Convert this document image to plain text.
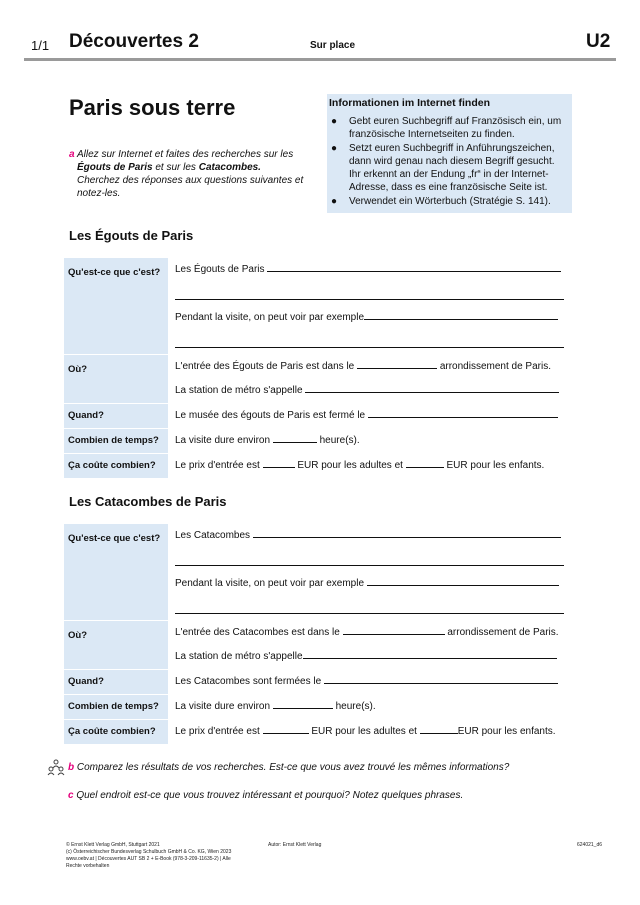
1/1 Découvertes 2	Sur place	U2
Paris sous terre	Informationen im Internet finden
● Gebt euren Suchbegriff auf Französisch ein, um französische Internetseiten zu finden.
● Setzt euren Suchbegriff in Anführungszeichen, dann wird genau nach diesem Begriff gesucht. Ihr erkennt an der Endung „fr“ in der Internet-Adresse, dass es eine französische Seite ist.
● Verwendet ein Wörterbuch (Stratégie S. 141).
a Allez sur Internet et faites des recherches sur les
Égouts de Paris et sur les Catacombes.
Cherchez des réponses aux questions suivantes et notez-les.
Les Égouts de Paris
Qu'est-ce que c'est?	Les Égouts de Paris
Pendant la visite, on peut voir par exemple
Où?	L'entrée des Égouts de Paris est dans le	arrondissement de Paris.
La station de métro s'appelle
Quand?	Le musée des égouts de Paris est fermé le
Combien de temps?	La visite dure environ	heure(s).
Ça coûte combien?	Le prix d'entrée est	EUR pour les adultes et	EUR pour les enfants.
Les Catacombes de Paris
Qu'est-ce que c'est?	Les Catacombes
Pendant la visite, on peut voir par exemple
Où?	L'entrée des Catacombes est dans le	arrondissement de Paris.
La station de métro s'appelle
Quand?	Les Catacombes sont fermées le
Combien de temps?	La visite dure environ	heure(s).
Ça coûte combien?	Le prix d'entrée est	EUR pour les adultes et	EUR pour les enfants.
b Comparez les résultats de vos recherches. Est-ce que vous avez trouvé les mêmes informations?
c Quel endroit est-ce que vous trouvez intéressant et pourquoi? Notez quelques phrases.
© Ernst Klett Verlag GmbH, Stuttgart 2021
(c) Österreichischer Bundesverlag Schulbuch GmbH & Co. KG, Wien 2023
www.oebv.at | Découvertes AUT SB 2 + E-Book (978-3-209-11635-2) | Alle
Rechte vorbehalten
Autor: Ernst Klett Verlag	624021_d6
